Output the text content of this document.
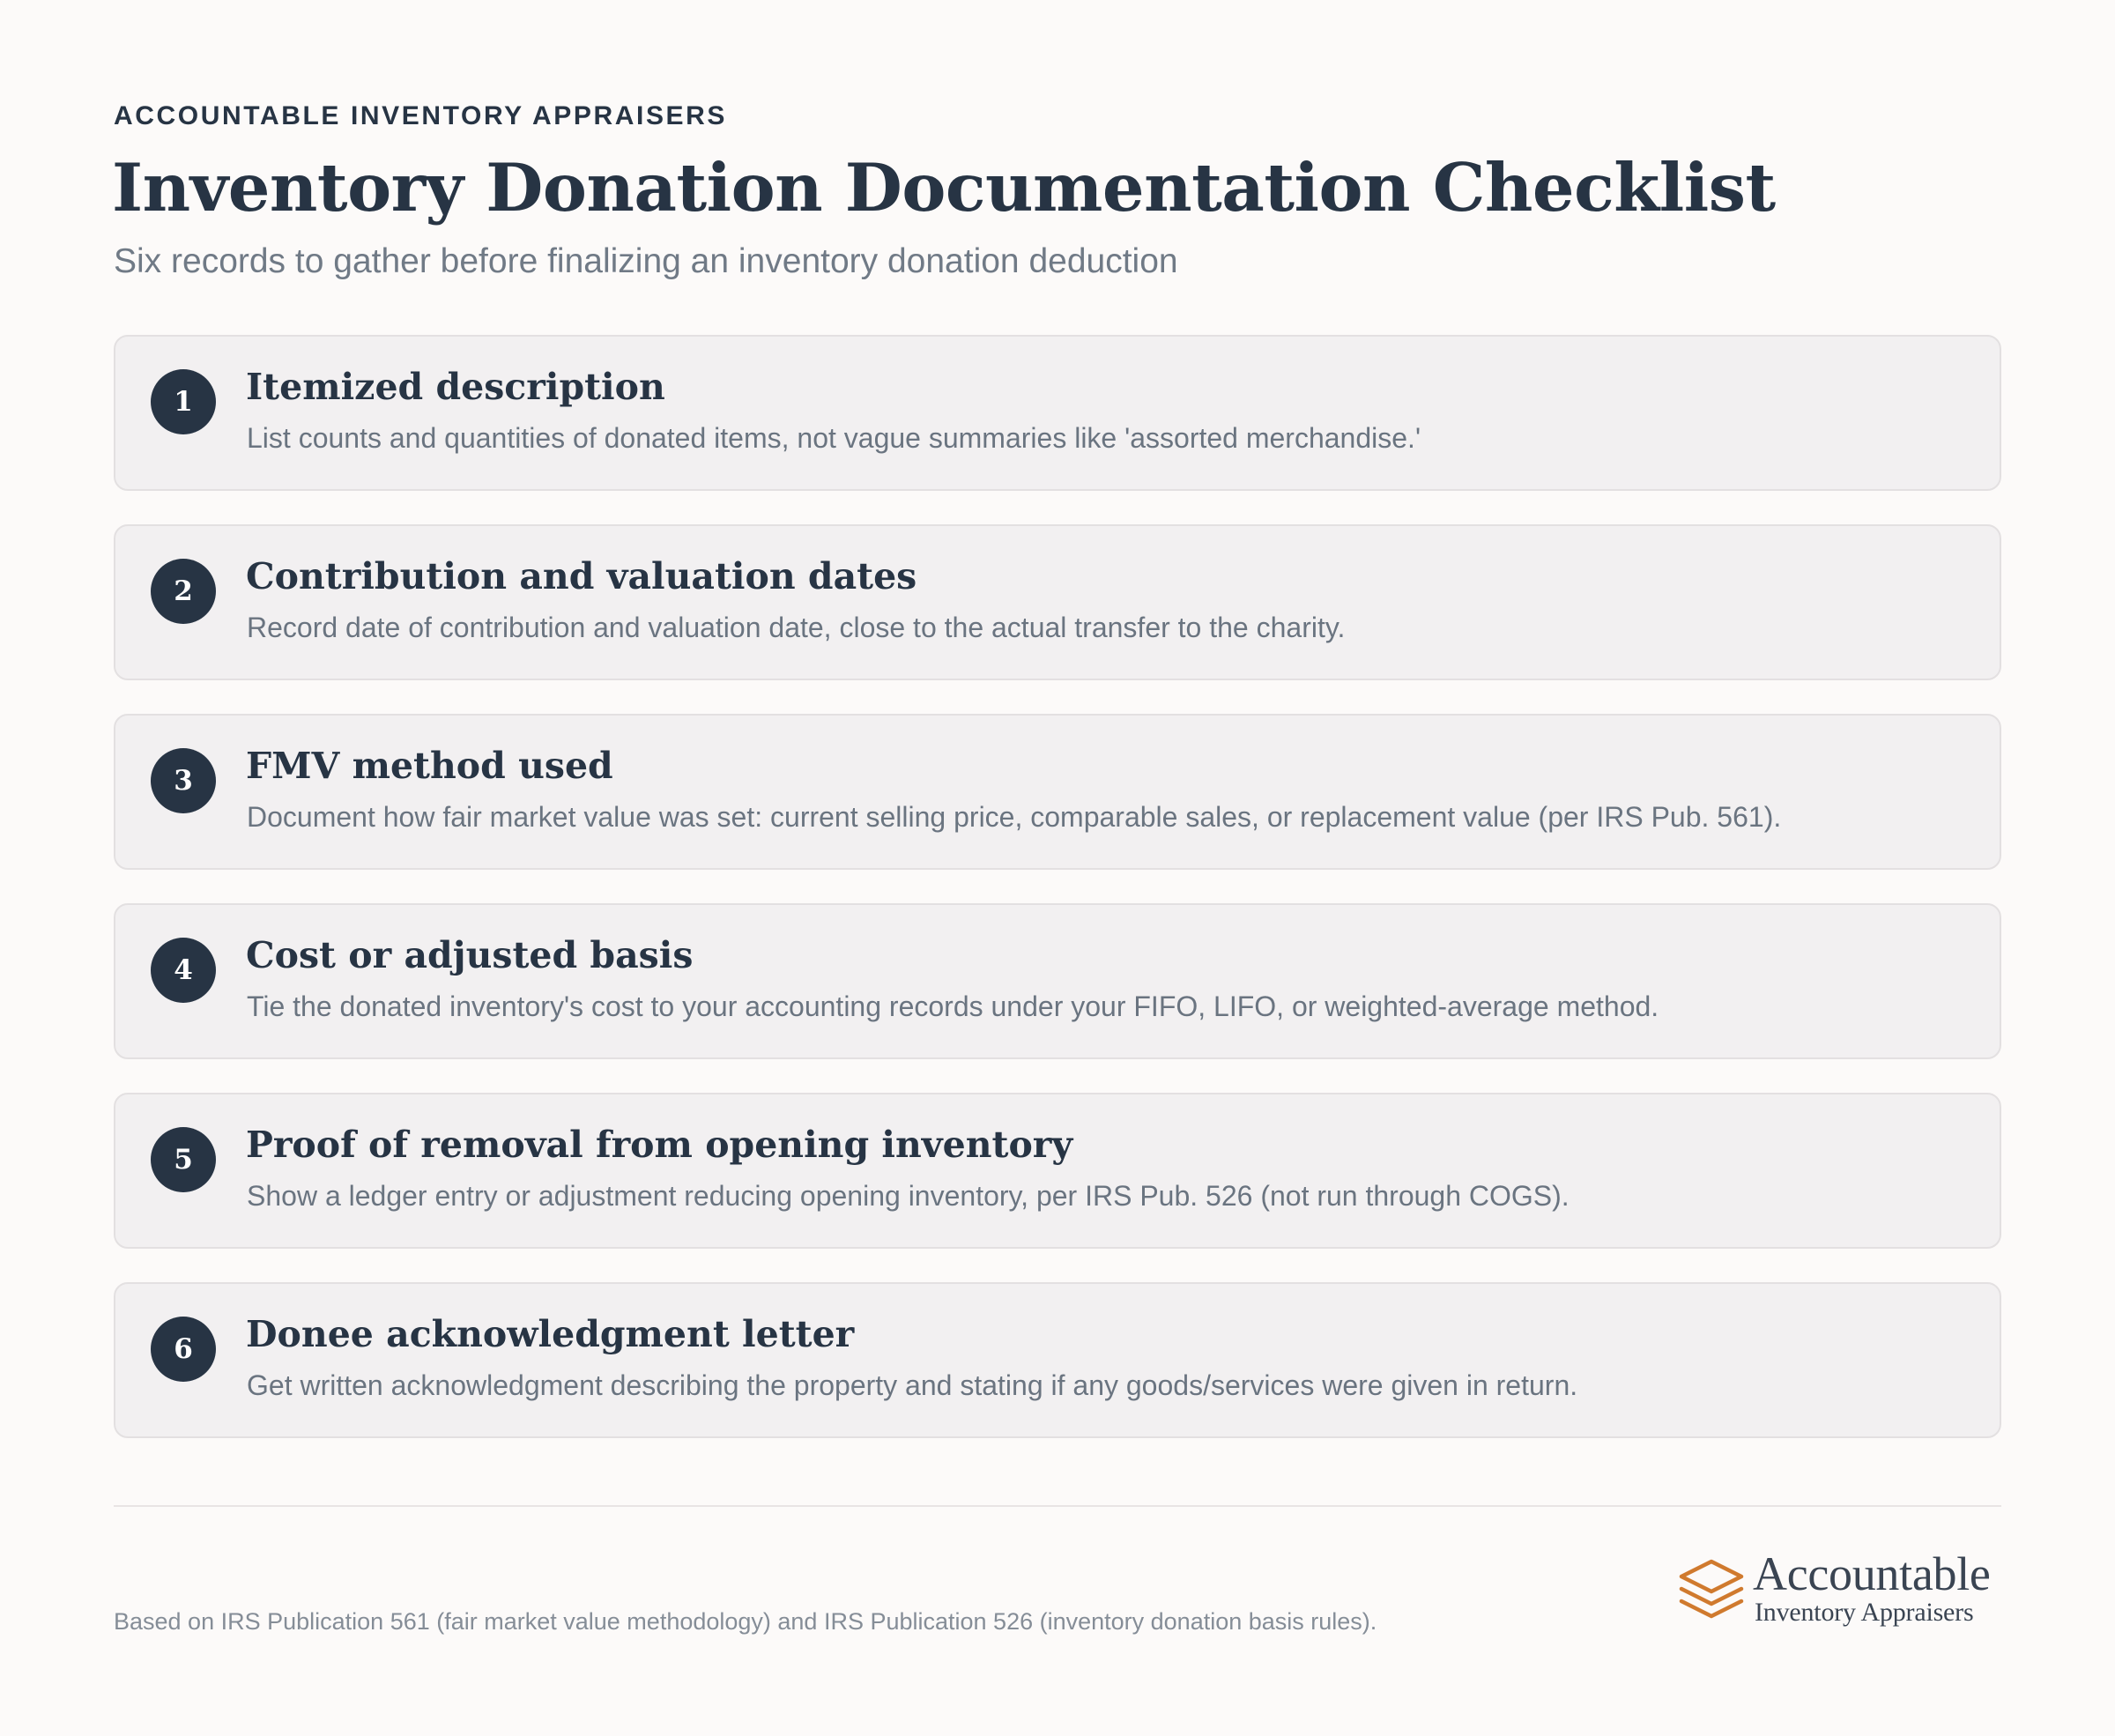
ACCOUNTABLE INVENTORY APPRAISERS
Inventory Donation Documentation Checklist
Six records to gather before finalizing an inventory donation deduction
1	Itemized description
List counts and quantities of donated items, not vague summaries like 'assorted merchandise.'
2	Contribution and valuation dates
Record date of contribution and valuation date, close to the actual transfer to the charity.
3	FMV method used
Document how fair market value was set: current selling price, comparable sales, or replacement value (per IRS Pub. 561).
4	Cost or adjusted basis
Tie the donated inventory's cost to your accounting records under your FIFO, LIFO, or weighted-average method.
5	Proof of removal from opening inventory
Show a ledger entry or adjustment reducing opening inventory, per IRS Pub. 526 (not run through COGS).
6	Donee acknowledgment letter
Get written acknowledgment describing the property and stating if any goods/services were given in return.
Based on IRS Publication 561 (fair market value methodology) and IRS Publication 526 (inventory donation basis rules).
Accountable
Inventory Appraisers
